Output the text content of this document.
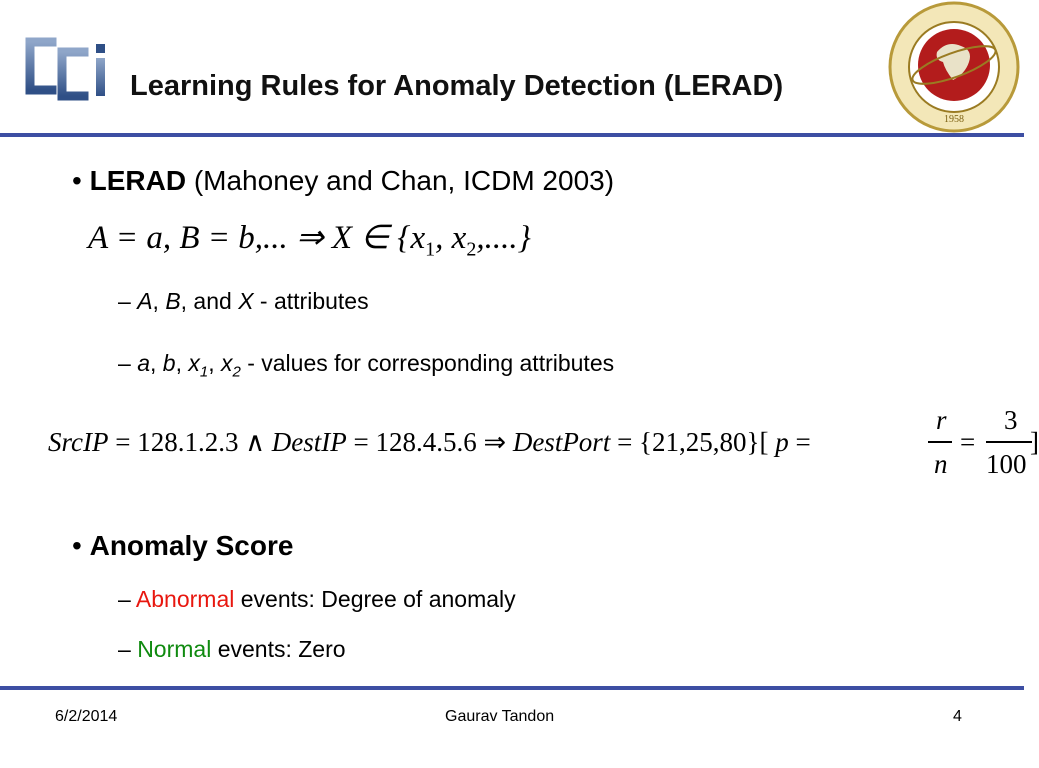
CCI
Learning Rules for Anomaly Detection (LERAD)
1958
• LERAD (Mahoney and Chan, ICDM 2003)
A = a, B = b,... ⇒ X ∈ {$x_1$, $x_2$,....}
– A, B, and X - attributes
– a, b, $x_1$, $x_2$ - values for corresponding attributes
SrcIP = 128.1.2.3 ∧ DestIP = 128.4.5.6 ⇒ DestPort = {21,25,80}[ p =
r
n
=
3
100
]
• Anomaly Score
– Abnormal events: Degree of anomaly
– Normal events: Zero
6/2/2014	Gaurav Tandon	4
